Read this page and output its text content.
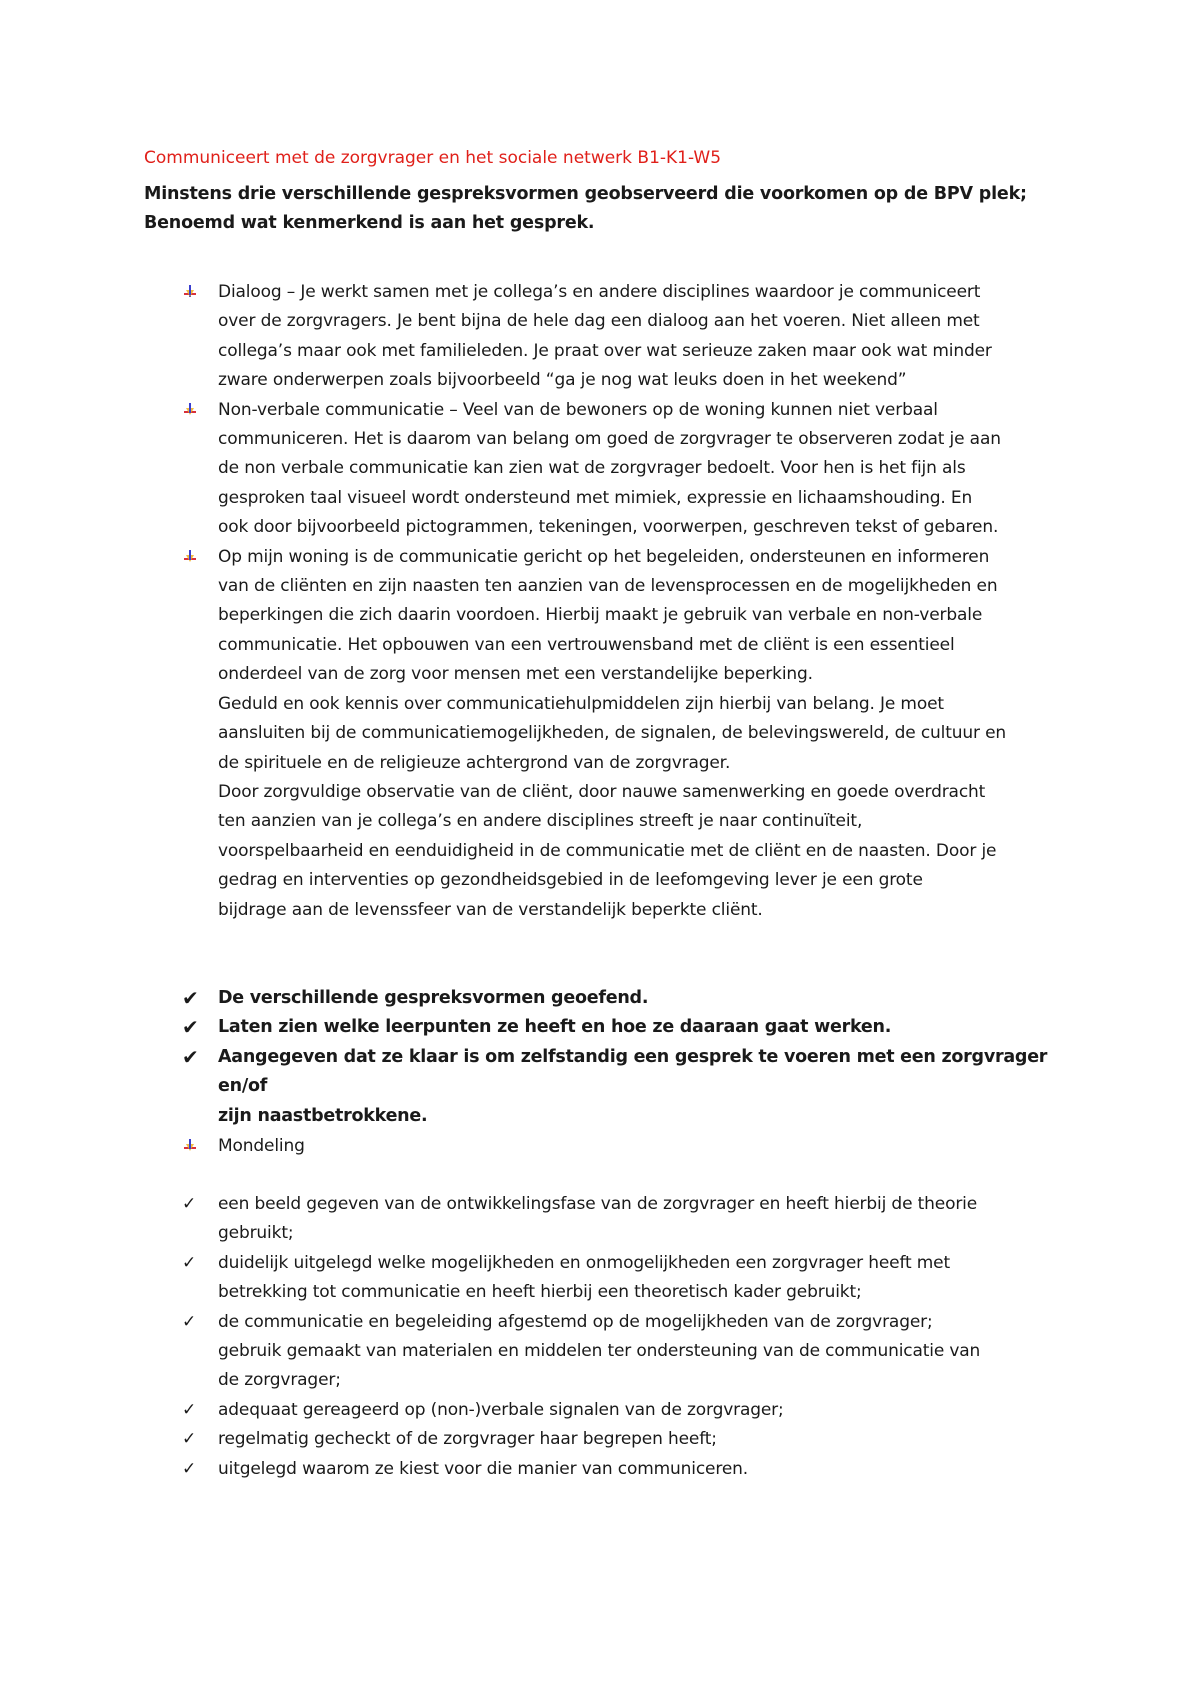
Communiceert met de zorgvrager en het sociale netwerk B1-K1-W5
Minstens drie verschillende gespreksvormen geobserveerd die voorkomen op de BPV plek;
Benoemd wat kenmerkend is aan het gesprek.
Dialoog – Je werkt samen met je collega’s en andere disciplines waardoor je communiceert
over de zorgvragers. Je bent bijna de hele dag een dialoog aan het voeren. Niet alleen met
collega’s maar ook met familieleden. Je praat over wat serieuze zaken maar ook wat minder
zware onderwerpen zoals bijvoorbeeld “ga je nog wat leuks doen in het weekend”
Non-verbale communicatie – Veel van de bewoners op de woning kunnen niet verbaal
communiceren. Het is daarom van belang om goed de zorgvrager te observeren zodat je aan
de non verbale communicatie kan zien wat de zorgvrager bedoelt. Voor hen is het fijn als
gesproken taal visueel wordt ondersteund met mimiek, expressie en lichaamshouding. En
ook door bijvoorbeeld pictogrammen, tekeningen, voorwerpen, geschreven tekst of gebaren.
Op mijn woning is de communicatie gericht op het begeleiden, ondersteunen en informeren
van de cliënten en zijn naasten ten aanzien van de levensprocessen en de mogelijkheden en
beperkingen die zich daarin voordoen. Hierbij maakt je gebruik van verbale en non-verbale
communicatie. Het opbouwen van een vertrouwensband met de cliënt is een essentieel
onderdeel van de zorg voor mensen met een verstandelijke beperking.
Geduld en ook kennis over communicatiehulpmiddelen zijn hierbij van belang. Je moet
aansluiten bij de communicatiemogelijkheden, de signalen, de belevingswereld, de cultuur en
de spirituele en de religieuze achtergrond van de zorgvrager.
Door zorgvuldige observatie van de cliënt, door nauwe samenwerking en goede overdracht
ten aanzien van je collega’s en andere disciplines streeft je naar continuïteit,
voorspelbaarheid en eenduidigheid in de communicatie met de cliënt en de naasten. Door je
gedrag en interventies op gezondheidsgebied in de leefomgeving lever je een grote
bijdrage aan de levenssfeer van de verstandelijk beperkte cliënt.
✔ De verschillende gespreksvormen geoefend.
✔ Laten zien welke leerpunten ze heeft en hoe ze daaraan gaat werken.
✔ Aangegeven dat ze klaar is om zelfstandig een gesprek te voeren met een zorgvrager en/of
zijn naastbetrokkene.
Mondeling
✓ een beeld gegeven van de ontwikkelingsfase van de zorgvrager en heeft hierbij de theorie
gebruikt;
✓ duidelijk uitgelegd welke mogelijkheden en onmogelijkheden een zorgvrager heeft met
betrekking tot communicatie en heeft hierbij een theoretisch kader gebruikt;
✓ de communicatie en begeleiding afgestemd op de mogelijkheden van de zorgvrager;
gebruik gemaakt van materialen en middelen ter ondersteuning van de communicatie van
de zorgvrager;
✓ adequaat gereageerd op (non-)verbale signalen van de zorgvrager;
✓ regelmatig gecheckt of de zorgvrager haar begrepen heeft;
✓ uitgelegd waarom ze kiest voor die manier van communiceren.
